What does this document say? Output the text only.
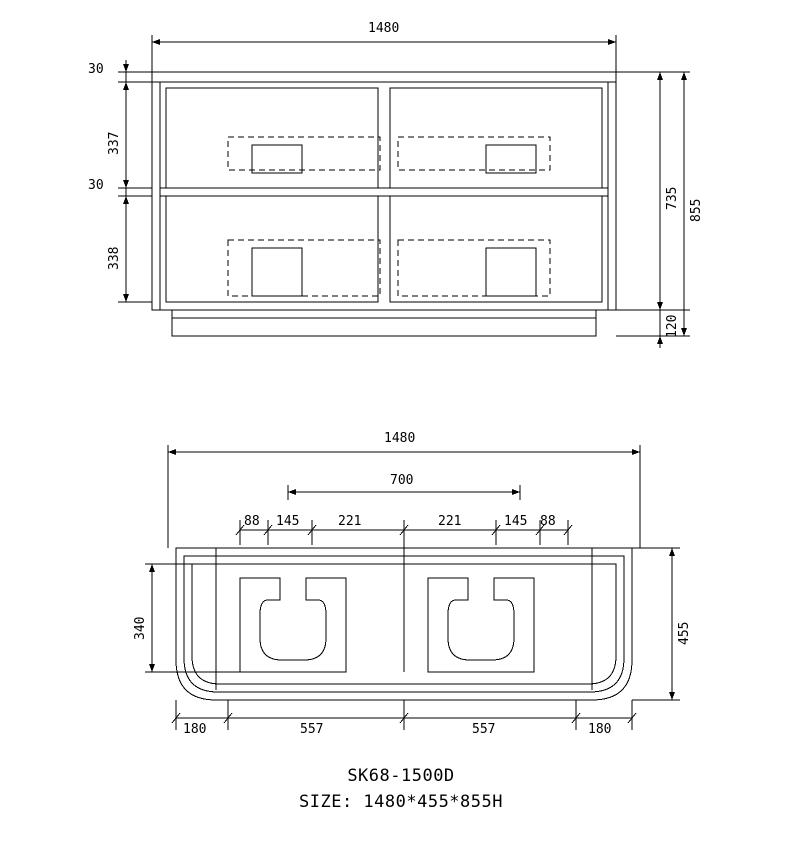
1480
30
337
30
338
735
855
120
1480
700
88 145	221	221	145 88
340	455
180	557	557	180
SK68-1500D
SIZE: 1480*455*855H
